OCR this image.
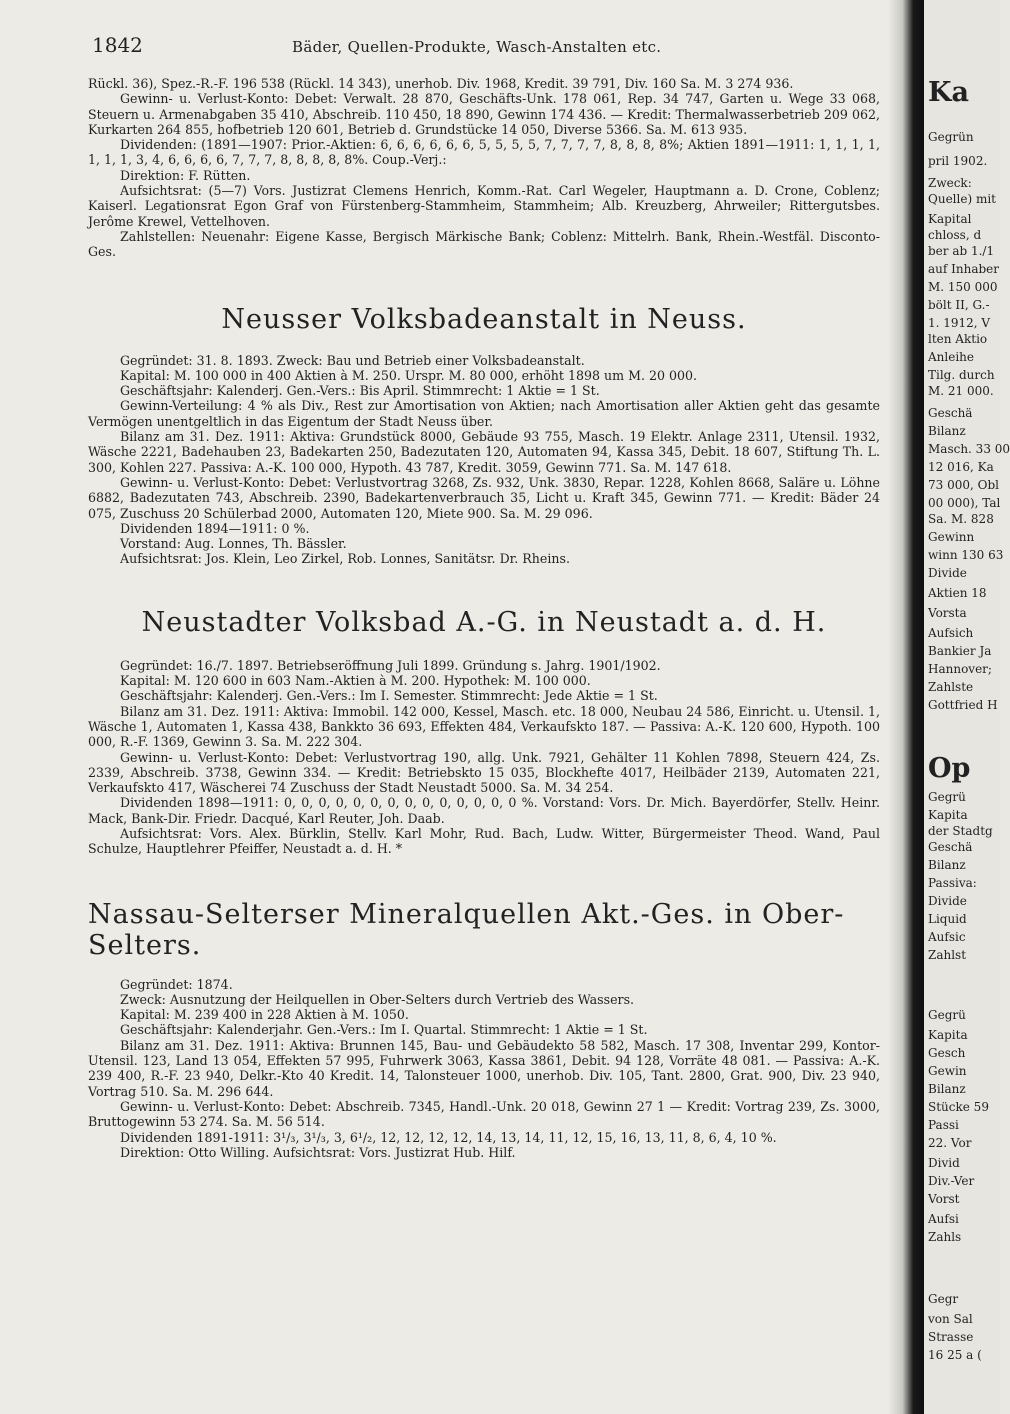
1842	Bäder, Quellen-Produkte, Wasch-Anstalten etc.

Rückl. 36), Spez.-R.-F. 196 538 (Rückl. 14 343), unerhob. Div. 1968, Kredit. 39 791, Div. 160 Sa. M. 3 274 936.

Gewinn- u. Verlust-Konto: Debet: Verwalt. 28 870, Geschäfts-Unk. 178 061, Rep. 34 747, Garten u. Wege 33 068, Steuern u. Armenabgaben 35 410, Abschreib. 110 450, 18 890, Gewinn 174 436. — Kredit: Thermalwasserbetrieb 209 062, Kurkarten 264 855, hofbetrieb 120 601, Betrieb d. Grundstücke 14 050, Diverse 5366. Sa. M. 613 935.

Dividenden: (1891—1907: Prior.-Aktien: 6, 6, 6, 6, 6, 6, 5, 5, 5, 5, 7, 7, 7, 7, 8, 8, 8, 8%; Aktien 1891—1911: 1, 1, 1, 1, 1, 1, 1, 3, 4, 6, 6, 6, 6, 7, 7, 7, 8, 8, 8, 8, 8%. Coup.-Verj.:

Direktion: F. Rütten.

Aufsichtsrat: (5—7) Vors. Justizrat Clemens Henrich, Komm.-Rat. Carl Wegeler, Hauptmann a. D. Crone, Coblenz; Kaiserl. Legationsrat Egon Graf von Fürstenberg-Stammheim, Stammheim; Alb. Kreuzberg, Ahrweiler; Rittergutsbes. Jerôme Krewel, Vettelhoven.

Zahlstellen: Neuenahr: Eigene Kasse, Bergisch Märkische Bank; Coblenz: Mittelrh. Bank, Rhein.-Westfäl. Disconto-Ges.

Neusser Volksbadeanstalt in Neuss.

Gegründet: 31. 8. 1893. Zweck: Bau und Betrieb einer Volksbadeanstalt.

Kapital: M. 100 000 in 400 Aktien à M. 250. Urspr. M. 80 000, erhöht 1898 um M. 20 000.

Geschäftsjahr: Kalenderj. Gen.-Vers.: Bis April. Stimmrecht: 1 Aktie = 1 St.

Gewinn-Verteilung: 4 % als Div., Rest zur Amortisation von Aktien; nach Amortisation aller Aktien geht das gesamte Vermögen unentgeltlich in das Eigentum der Stadt Neuss über.

Bilanz am 31. Dez. 1911: Aktiva: Grundstück 8000, Gebäude 93 755, Masch. 19 Elektr. Anlage 2311, Utensil. 1932, Wäsche 2221, Badehauben 23, Badekarten 250, Badezutaten 120, Automaten 94, Kassa 345, Debit. 18 607, Stiftung Th. L. 300, Kohlen 227. Passiva: A.-K. 100 000, Hypoth. 43 787, Kredit. 3059, Gewinn 771. Sa. M. 147 618.

Gewinn- u. Verlust-Konto: Debet: Verlustvortrag 3268, Zs. 932, Unk. 3830, Repar. 1228, Kohlen 8668, Saläre u. Löhne 6882, Badezutaten 743, Abschreib. 2390, Badekartenverbrauch 35, Licht u. Kraft 345, Gewinn 771. — Kredit: Bäder 24 075, Zuschuss 20 Schülerbad 2000, Automaten 120, Miete 900. Sa. M. 29 096.

Dividenden 1894—1911: 0 %.

Vorstand: Aug. Lonnes, Th. Bässler.

Aufsichtsrat: Jos. Klein, Leo Zirkel, Rob. Lonnes, Sanitätsr. Dr. Rheins.

Neustadter Volksbad A.-G. in Neustadt a. d. H.

Gegründet: 16./7. 1897. Betriebseröffnung Juli 1899. Gründung s. Jahrg. 1901/1902.

Kapital: M. 120 600 in 603 Nam.-Aktien à M. 200. Hypothek: M. 100 000.

Geschäftsjahr: Kalenderj. Gen.-Vers.: Im I. Semester. Stimmrecht: Jede Aktie = 1 St.

Bilanz am 31. Dez. 1911: Aktiva: Immobil. 142 000, Kessel, Masch. etc. 18 000, Neubau 24 586, Einricht. u. Utensil. 1, Wäsche 1, Automaten 1, Kassa 438, Bankkto 36 693, Effekten 484, Verkaufskto 187. — Passiva: A.-K. 120 600, Hypoth. 100 000, R.-F. 1369, Gewinn 3. Sa. M. 222 304.

Gewinn- u. Verlust-Konto: Debet: Verlustvortrag 190, allg. Unk. 7921, Gehälter 11 Kohlen 7898, Steuern 424, Zs. 2339, Abschreib. 3738, Gewinn 334. — Kredit: Betriebskto 15 035, Blockhefte 4017, Heilbäder 2139, Automaten 221, Verkaufskto 417, Wäscherei 74 Zuschuss der Stadt Neustadt 5000. Sa. M. 34 254.

Dividenden 1898—1911: 0, 0, 0, 0, 0, 0, 0, 0, 0, 0, 0, 0, 0, 0 %. Vorstand: Vors. Dr. Mich. Bayerdörfer, Stellv. Heinr. Mack, Bank-Dir. Friedr. Dacqué, Karl Reuter, Joh. Daab.

Aufsichtsrat: Vors. Alex. Bürklin, Stellv. Karl Mohr, Rud. Bach, Ludw. Witter, Bürgermeister Theod. Wand, Paul Schulze, Hauptlehrer Pfeiffer, Neustadt a. d. H. *

Nassau-Selterser Mineralquellen Akt.-Ges. in Ober-Selters.

Gegründet: 1874.

Zweck: Ausnutzung der Heilquellen in Ober-Selters durch Vertrieb des Wassers.

Kapital: M. 239 400 in 228 Aktien à M. 1050.

Geschäftsjahr: Kalenderjahr. Gen.-Vers.: Im I. Quartal. Stimmrecht: 1 Aktie = 1 St.

Bilanz am 31. Dez. 1911: Aktiva: Brunnen 145, Bau- und Gebäudekto 58 582, Masch. 17 308, Inventar 299, Kontor-Utensil. 123, Land 13 054, Effekten 57 995, Fuhrwerk 3063, Kassa 3861, Debit. 94 128, Vorräte 48 081. — Passiva: A.-K. 239 400, R.-F. 23 940, Delkr.-Kto 40 Kredit. 14, Talonsteuer 1000, unerhob. Div. 105, Tant. 2800, Grat. 900, Div. 23 940, Vortrag 510. Sa. M. 296 644.

Gewinn- u. Verlust-Konto: Debet: Abschreib. 7345, Handl.-Unk. 20 018, Gewinn 27 1 — Kredit: Vortrag 239, Zs. 3000, Bruttogewinn 53 274. Sa. M. 56 514.

Dividenden 1891-1911: 3¹/₃, 3¹/₃, 3, 6¹/₂, 12, 12, 12, 12, 14, 13, 14, 11, 12, 15, 16, 13, 11, 8, 6, 4, 10 %.

Direktion: Otto Willing. Aufsichtsrat: Vors. Justizrat Hub. Hilf.

Ka
Gegrün
pril 1902.
Zweck:
Quelle) mit
Kapital
chloss, d
ber ab 1./1
auf Inhaber
M. 150 000
bölt II, G.-
1. 1912, V
lten Aktio
Anleihe
Tilg. durch
M. 21 000.
Geschä
Bilanz
Masch. 33 00
12 016, Ka
73 000, Obl
00 000), Tal
Sa. M. 828
Gewinn
winn 130 63
Divide
Aktien 18
Vorsta
Aufsich
Bankier Ja
Hannover;
Zahlste
Gottfried H
Op
Gegrü
Kapita
der Stadtg
Geschä
Bilanz
Passiva:
Divide
Liquid
Aufsic
Zahlst
Gegrü
Kapita
Gesch
Gewin
Bilanz
Stücke 59
Passi
22. Vor
Divid
Div.-Ver
Vorst
Aufsi
Zahls
Gegr
von Sal
Strasse
16 25 a (
